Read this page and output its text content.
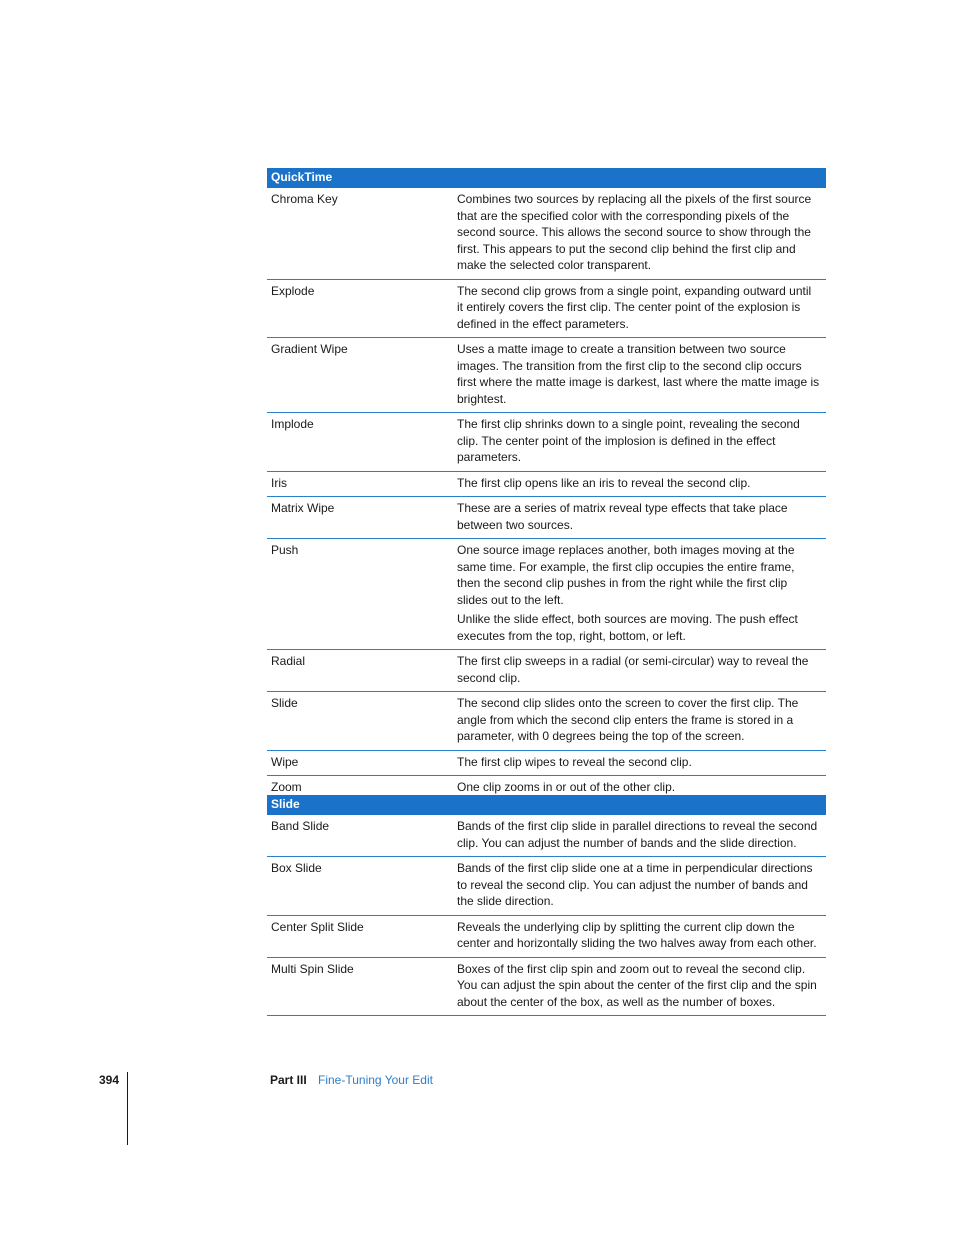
QuickTime
Chroma Key	Combines two sources by replacing all the pixels of the first source that are the specified color with the corresponding pixels of the second source. This allows the second source to show through the first. This appears to put the second clip behind the first clip and make the selected color transparent.

Explode	The second clip grows from a single point, expanding outward until it entirely covers the first clip. The center point of the explosion is defined in the effect parameters.

Gradient Wipe	Uses a matte image to create a transition between two source images. The transition from the first clip to the second clip occurs first where the matte image is darkest, last where the matte image is brightest.

Implode	The first clip shrinks down to a single point, revealing the second clip. The center point of the implosion is defined in the effect parameters.

Iris	The first clip opens like an iris to reveal the second clip.

Matrix Wipe	These are a series of matrix reveal type effects that take place between two sources.

Push	One source image replaces another, both images moving at the same time. For example, the first clip occupies the entire frame, then the second clip pushes in from the right while the first clip slides out to the left.

Unlike the slide effect, both sources are moving. The push effect executes from the top, right, bottom, or left.

Radial	The first clip sweeps in a radial (or semi-circular) way to reveal the second clip.

Slide	The second clip slides onto the screen to cover the first clip. The angle from which the second clip enters the frame is stored in a parameter, with 0 degrees being the top of the screen.

Wipe	The first clip wipes to reveal the second clip.

Zoom	One clip zooms in or out of the other clip.

Slide
Band Slide	Bands of the first clip slide in parallel directions to reveal the second clip. You can adjust the number of bands and the slide direction.

Box Slide	Bands of the first clip slide one at a time in perpendicular directions to reveal the second clip. You can adjust the number of bands and the slide direction.

Center Split Slide	Reveals the underlying clip by splitting the current clip down the center and horizontally sliding the two halves away from each other.

Multi Spin Slide	Boxes of the first clip spin and zoom out to reveal the second clip. You can adjust the spin about the center of the first clip and the spin about the center of the box, as well as the number of boxes.

394	Part III Fine-Tuning Your Edit
